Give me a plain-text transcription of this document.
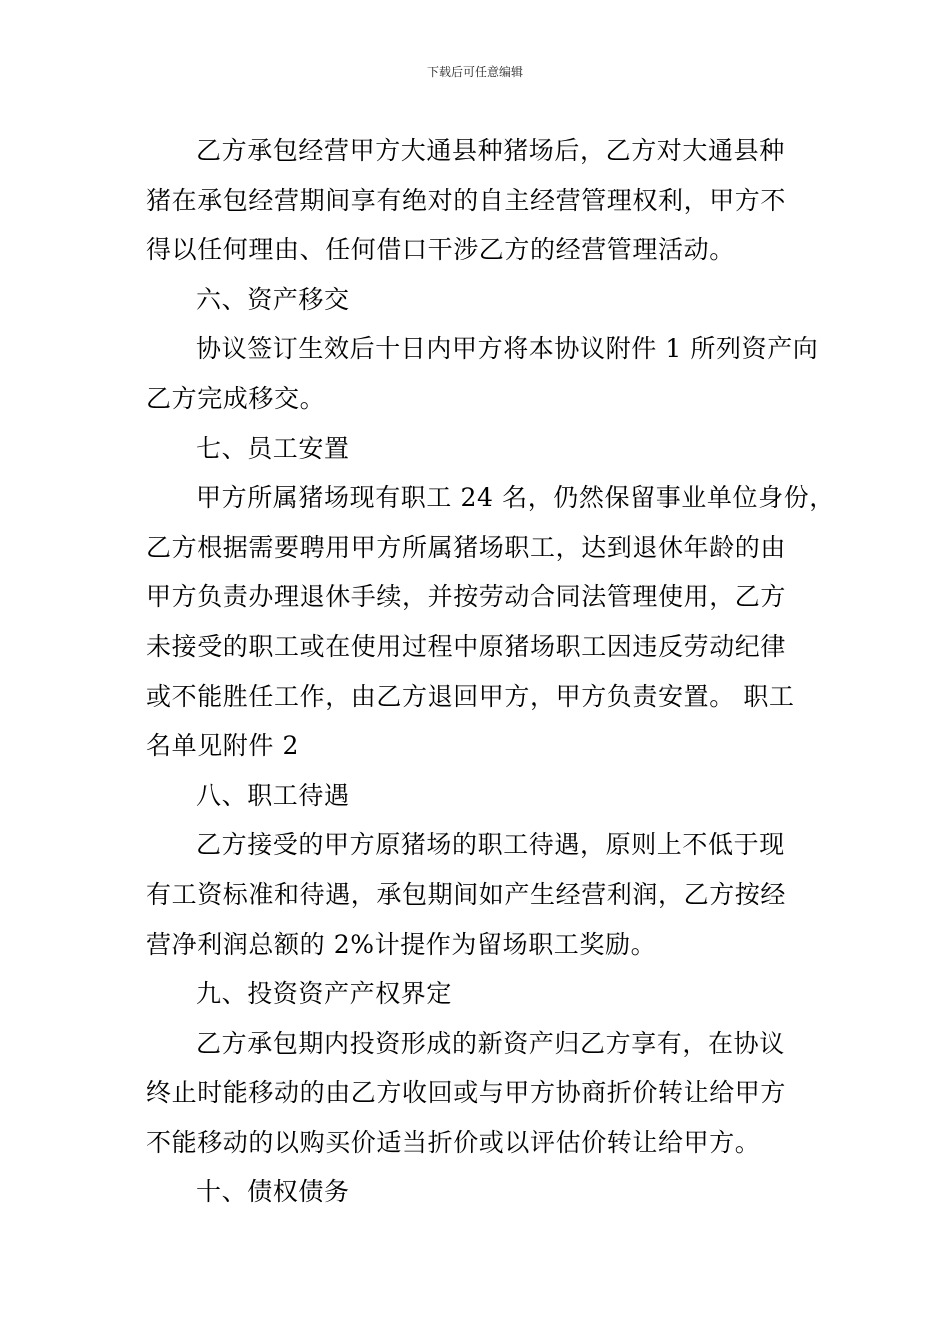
下载后可任意编辑

乙方承包经营甲方大通县种猪场后，乙方对大通县种
猪在承包经营期间享有绝对的自主经营管理权利，甲方不
得以任何理由、任何借口干涉乙方的经营管理活动。

六、资产移交

协议签订生效后十日内甲方将本协议附件 1 所列资产向
乙方完成移交。

七、员工安置

甲方所属猪场现有职工 24 名，仍然保留事业单位身份，
乙方根据需要聘用甲方所属猪场职工，达到退休年龄的由
甲方负责办理退休手续，并按劳动合同法管理使用，乙方
未接受的职工或在使用过程中原猪场职工因违反劳动纪律
或不能胜任工作，由乙方退回甲方，甲方负责安置。 职工
名单见附件 2

八、职工待遇

乙方接受的甲方原猪场的职工待遇，原则上不低于现
有工资标准和待遇，承包期间如产生经营利润，乙方按经
营净利润总额的 2%计提作为留场职工奖励。

九、投资资产产权界定

乙方承包期内投资形成的新资产归乙方享有，在协议
终止时能移动的由乙方收回或与甲方协商折价转让给甲方
不能移动的以购买价适当折价或以评估价转让给甲方。

十、债权债务
